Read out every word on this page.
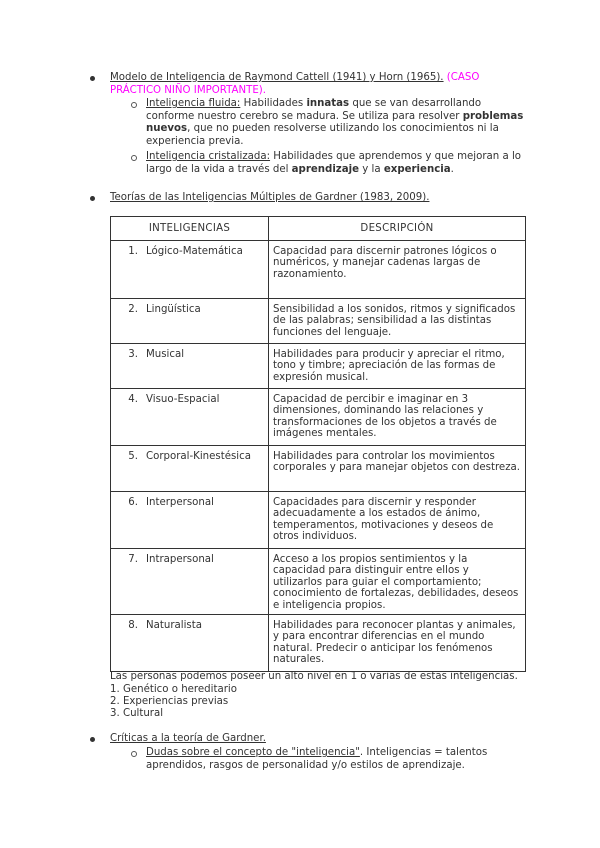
Modelo de Inteligencia de Raymond Cattell (1941) y Horn (1965). (CASO PRÁCTICO NIÑO IMPORTANTE).
Inteligencia fluida: Habilidades innatas que se van desarrollando conforme nuestro cerebro se madura. Se utiliza para resolver problemas nuevos, que no pueden resolverse utilizando los conocimientos ni la experiencia previa.
Inteligencia cristalizada: Habilidades que aprendemos y que mejoran a lo largo de la vida a través del aprendizaje y la experiencia.
Teorías de las Inteligencias Múltiples de Gardner (1983, 2009).
INTELIGENCIAS	DESCRIPCIÓN

1. Lógico-Matemática	Capacidad para discernir patrones lógicos o numéricos, y manejar cadenas largas de razonamiento.

2. Lingüística	Sensibilidad a los sonidos, ritmos y significados de las palabras; sensibilidad a las distintas funciones del lenguaje.

3. Musical	Habilidades para producir y apreciar el ritmo, tono y timbre; apreciación de las formas de expresión musical.

4. Visuo-Espacial	Capacidad de percibir e imaginar en 3 dimensiones, dominando las relaciones y transformaciones de los objetos a través de imágenes mentales.

5. Corporal-Kinestésica	Habilidades para controlar los movimientos corporales y para manejar objetos con destreza.

6. Interpersonal	Capacidades para discernir y responder adecuadamente a los estados de ánimo, temperamentos, motivaciones y deseos de otros individuos.

7. Intrapersonal	Acceso a los propios sentimientos y la capacidad para distinguir entre ellos y utilizarlos para guiar el comportamiento; conocimiento de fortalezas, debilidades, deseos e inteligencia propios.

8. Naturalista	Habilidades para reconocer plantas y animales, y para encontrar diferencias en el mundo natural. Predecir o anticipar los fenómenos naturales.
Las personas podemos poseer un alto nivel en 1 o varias de estas inteligencias.
1. Genético o hereditario
2. Experiencias previas
3. Cultural
Críticas a la teoría de Gardner.
Dudas sobre el concepto de "inteligencia". Inteligencias = talentos aprendidos, rasgos de personalidad y/o estilos de aprendizaje.
